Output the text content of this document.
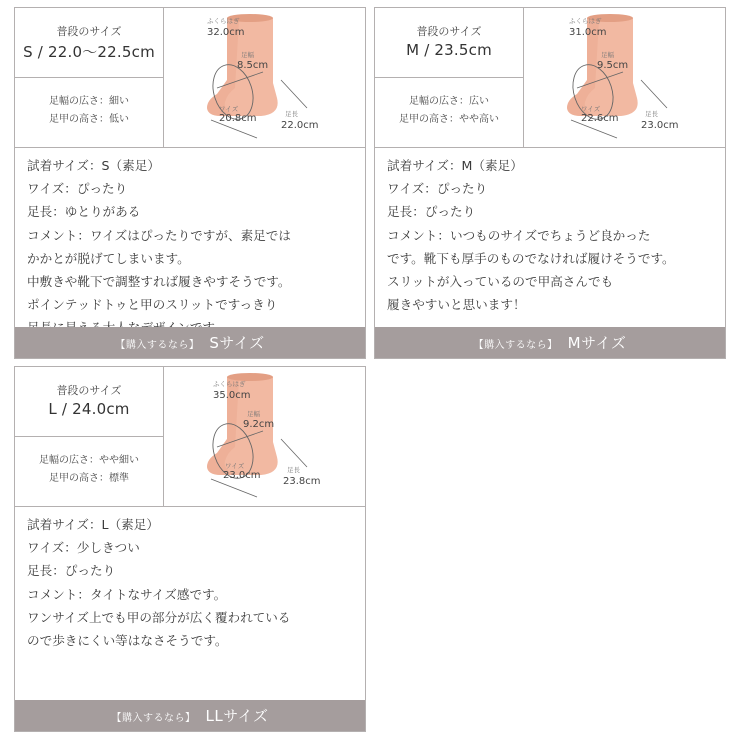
普段のサイズ
S / 22.0〜22.5cm
足幅の広さ：細い
足甲の高さ：低い
ふくらはぎ
32.0cm
足幅
8.5cm
ワイズ
20.8cm	足長
22.0cm
試着サイズ：S（素足）
ワイズ：ぴったり
足長：ゆとりがある
コメント：ワイズはぴったりですが、素足では
かかとが脱げてしまいます。
中敷きや靴下で調整すれば履きやすそうです。
ポインテッドトゥと甲のスリットですっきり
【購入するなら】 Sサイズ
普段のサイズ
M / 23.5cm
足幅の広さ：広い
足甲の高さ：やや高い
ふくらはぎ
31.0cm
足幅
9.5cm
ワイズ
22.6cm	足長
23.0cm
試着サイズ：M（素足）
ワイズ：ぴったり
足長：ぴったり
コメント：いつものサイズでちょうど良かった
です。靴下も厚手のものでなければ履けそうです。
スリットが入っているので甲高さんでも
履きやすいと思います！
【購入するなら】 Mサイズ
普段のサイズ
L / 24.0cm
足幅の広さ：やや細い
足甲の高さ：標準
ふくらはぎ
35.0cm
足幅
9.2cm
ワイズ
23.0cm	足長
23.8cm
試着サイズ：L（素足）
ワイズ：少しきつい
足長：ぴったり
コメント：タイトなサイズ感です。
ワンサイズ上でも甲の部分が広く覆われている
ので歩きにくい等はなさそうです。
【購入するなら】 LLサイズ
